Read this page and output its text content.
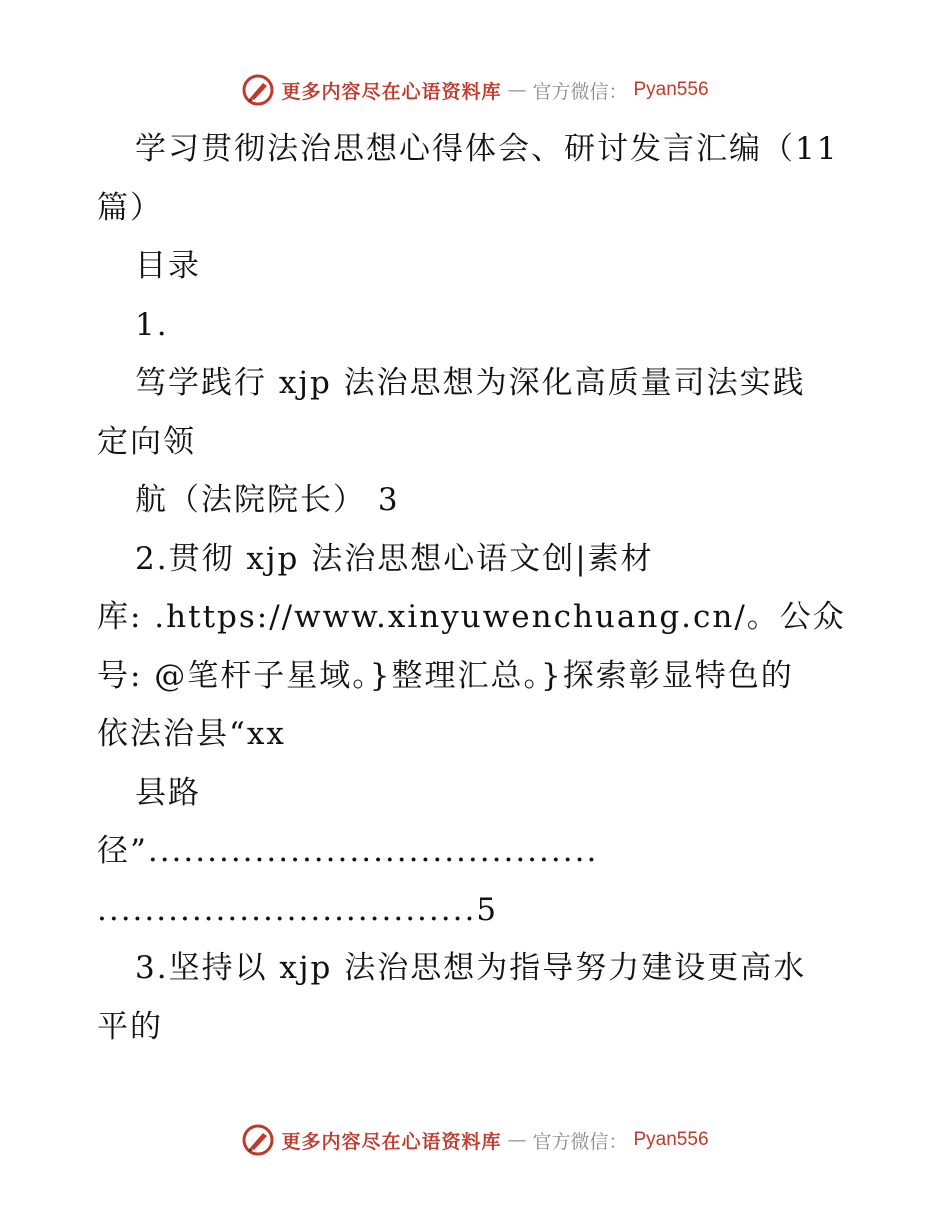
更多内容尽在心语资料库 — 官方微信： Pyan556
学习贯彻法治思想心得体会、研讨发言汇编（11
篇）
目录
1.
笃学践行 xjp 法治思想为深化高质量司法实践
定向领
航（法院院长） 3
2.贯彻 xjp 法治思想心语文创|素材
库: .https://www.xinyuwenchuang.cn/。公众
号: @笔杆子星域。}整理汇总。}探索彰显特色的
依法治县“xx
县路
径”......................................
................................5
3.坚持以 xjp 法治思想为指导努力建设更高水
平的
更多内容尽在心语资料库 — 官方微信： Pyan556
